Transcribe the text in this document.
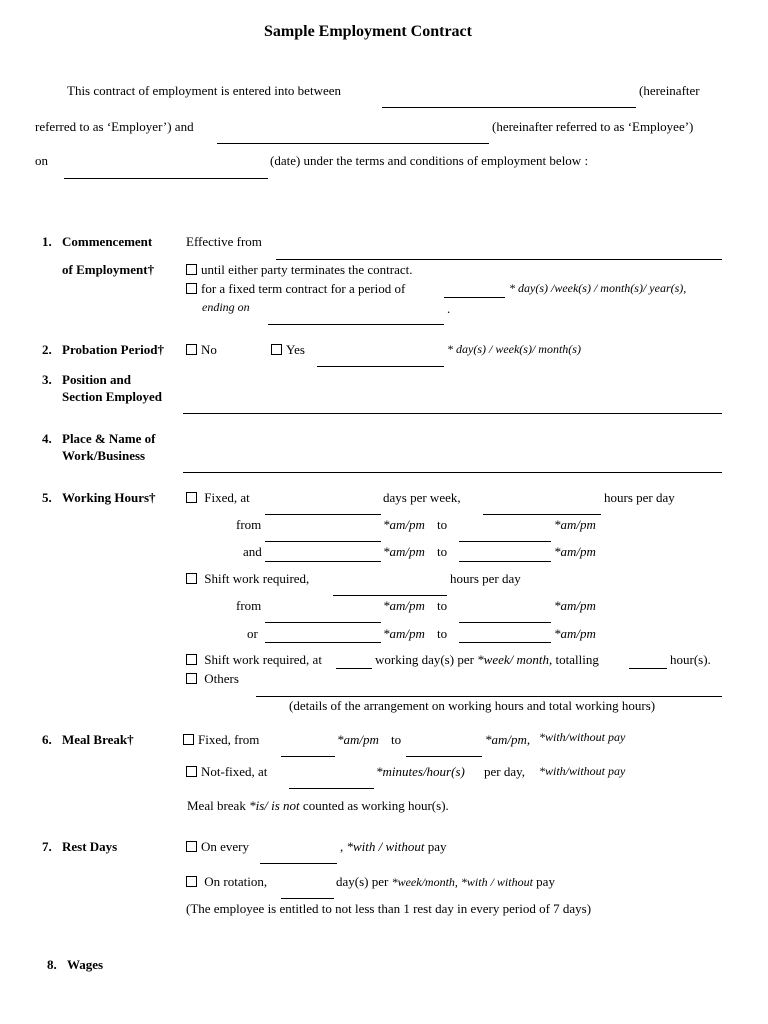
Sample Employment Contract
This contract of employment is entered into between	(hereinafter
referred to as ‘Employer’) and	(hereinafter referred to as ‘Employee’)
on	(date) under the terms and conditions of employment below :
1. Commencement
of Employment†
Effective from
until either party terminates the contract.
for a fixed term contract for a period of	* day(s) /week(s) / month(s)/ year(s),
ending on	.
2. Probation Period†	No	Yes	* day(s) / week(s)/ month(s)
3. Position and
Section Employed
4. Place & Name of
Work/Business
5. Working Hours†	Fixed, at	days per week,	hours per day
from	*am/pm to	*am/pm
and	*am/pm to	*am/pm
Shift work required,	hours per day
from	*am/pm to	*am/pm
or	*am/pm to	*am/pm
Shift work required, at	working day(s) per *week/ month, totalling	hour(s).
Others
(details of the arrangement on working hours and total working hours)
6. Meal Break†	Fixed, from	*am/pm to	*am/pm, *with/without pay
Not-fixed, at	*minutes/hour(s) per day, *with/without pay
Meal break *is/ is not counted as working hour(s).
7. Rest Days	On every	, *with / without pay
On rotation,	day(s) per *week/month, *with / without pay
(The employee is entitled to not less than 1 rest day in every period of 7 days)
8. Wages
